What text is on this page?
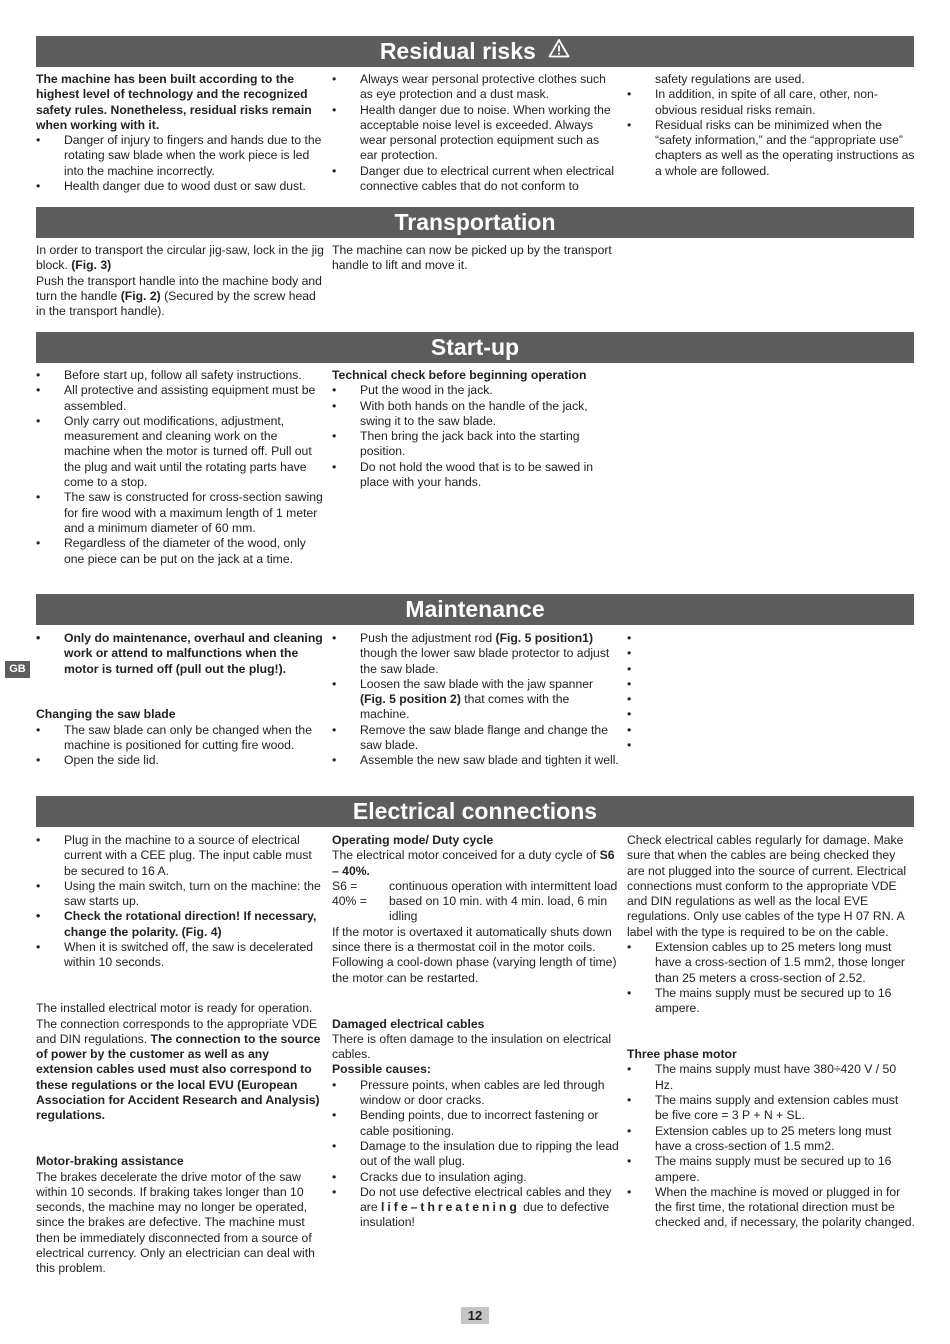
GB
Residual risks

The machine has been built according to the highest level of technology and the recognized safety rules. Nonetheless, residual risks remain when working with it.

• Danger of injury to fingers and hands due to the rotating saw blade when the work piece is led into the machine incorrectly.
• Health danger due to wood dust or saw dust.
• Always wear personal protective clothes such as eye protection and a dust mask.
• Health danger due to noise. When working the acceptable noise level is exceeded. Always wear personal protection equipment such as ear protection.
• Danger due to electrical current when electrical connective cables that do not conform to

safety regulations are used.

• In addition, in spite of all care, other, non-obvious residual risks remain.
• Residual risks can be minimized when the “safety information,” and the “appropriate use” chapters as well as the operating instructions as a whole are followed.
Transportation

In order to transport the circular jig-saw, lock in the jig block. (Fig. 3)

Push the transport handle into the machine body and turn the handle (Fig. 2) (Secured by the screw head in the transport handle).

The machine can now be picked up by the transport handle to lift and move it.

Start-up
• Before start up, follow all safety instructions.
• All protective and assisting equipment must be assembled.
• Only carry out modifications, adjustment, measurement and cleaning work on the machine when the motor is turned off. Pull out the plug and wait until the rotating parts have come to a stop.
• The saw is constructed for cross-section sawing for fire wood with a maximum length of 1 meter and a minimum diameter of 60 mm.
• Regardless of the diameter of the wood, only one piece can be put on the jack at a time.

Technical check before beginning operation

• Put the wood in the jack.
• With both hands on the handle of the jack, swing it to the saw blade.
• Then bring the jack back into the starting position.
• Do not hold the wood that is to be sawed in place with your hands.
Maintenance
• Only do maintenance, overhaul and cleaning work or attend to malfunctions when the motor is turned off (pull out the plug!).

Changing the saw blade

• The saw blade can only be changed when the machine is positioned for cutting fire wood.
• Open the side lid.
• Push the adjustment rod (Fig. 5 position1) though the lower saw blade protector to adjust the saw blade.
• Loosen the saw blade with the jaw spanner (Fig. 5 position 2) that comes with the machine.
• Remove the saw blade flange and change the saw blade.
• Assemble the new saw blade and tighten it well.
•
•
•
•
•
•
•
•
Electrical connections
• Plug in the machine to a source of electrical current with a CEE plug. The input cable must be secured to 16 A.
• Using the main switch, turn on the machine: the saw starts up.
• Check the rotational direction! If necessary, change the polarity. (Fig. 4)
• When it is switched off, the saw is decelerated within 10 seconds.

The installed electrical motor is ready for operation. The connection corresponds to the appropriate VDE and DIN regulations. The connection to the source of power by the customer as well as any extension cables used must also correspond to these regulations or the local EVU (European Association for Accident Research and Analysis) regulations.

Motor-braking assistance

The brakes decelerate the drive motor of the saw within 10 seconds. If braking takes longer than 10 seconds, the machine may no longer be operated, since the brakes are defective. The machine must then be immediately disconnected from a source of electrical currency. Only an electrician can deal with this problem.

Operating mode/ Duty cycle

The electrical motor conceived for a duty cycle of S6 – 40%.

S6 =	continuous operation with intermittent load
40% =	based on 10 min. with 4 min. load, 6 min idling

If the motor is overtaxed it automatically shuts down since there is a thermostat coil in the motor coils. Following a cool-down phase (varying length of time) the motor can be restarted.

Damaged electrical cables

There is often damage to the insulation on electrical cables.

Possible causes:

• Pressure points, when cables are led through window or door cracks.
• Bending points, due to incorrect fastening or cable positioning.
• Damage to the insulation due to ripping the lead out of the wall plug.
• Cracks due to insulation aging.
• Do not use defective electrical cables and they are life–threatening due to defective insulation!

Check electrical cables regularly for damage. Make sure that when the cables are being checked they are not plugged into the source of current. Electrical connections must conform to the appropriate VDE and DIN regulations as well as the local EVE regulations. Only use cables of the type H 07 RN. A label with the type is required to be on the cable.

• Extension cables up to 25 meters long must have a cross-section of 1.5 mm2, those longer than 25 meters a cross-section of 2.52.
• The mains supply must be secured up to 16 ampere.

Three phase motor

• The mains supply must have 380÷420 V / 50 Hz.
• The mains supply and extension cables must be five core = 3 P + N + SL.
• Extension cables up to 25 meters long must have a cross-section of 1.5 mm2.
• The mains supply must be secured up to 16 ampere.
• When the machine is moved or plugged in for the first time, the rotational direction must be checked and, if necessary, the polarity changed.
12
